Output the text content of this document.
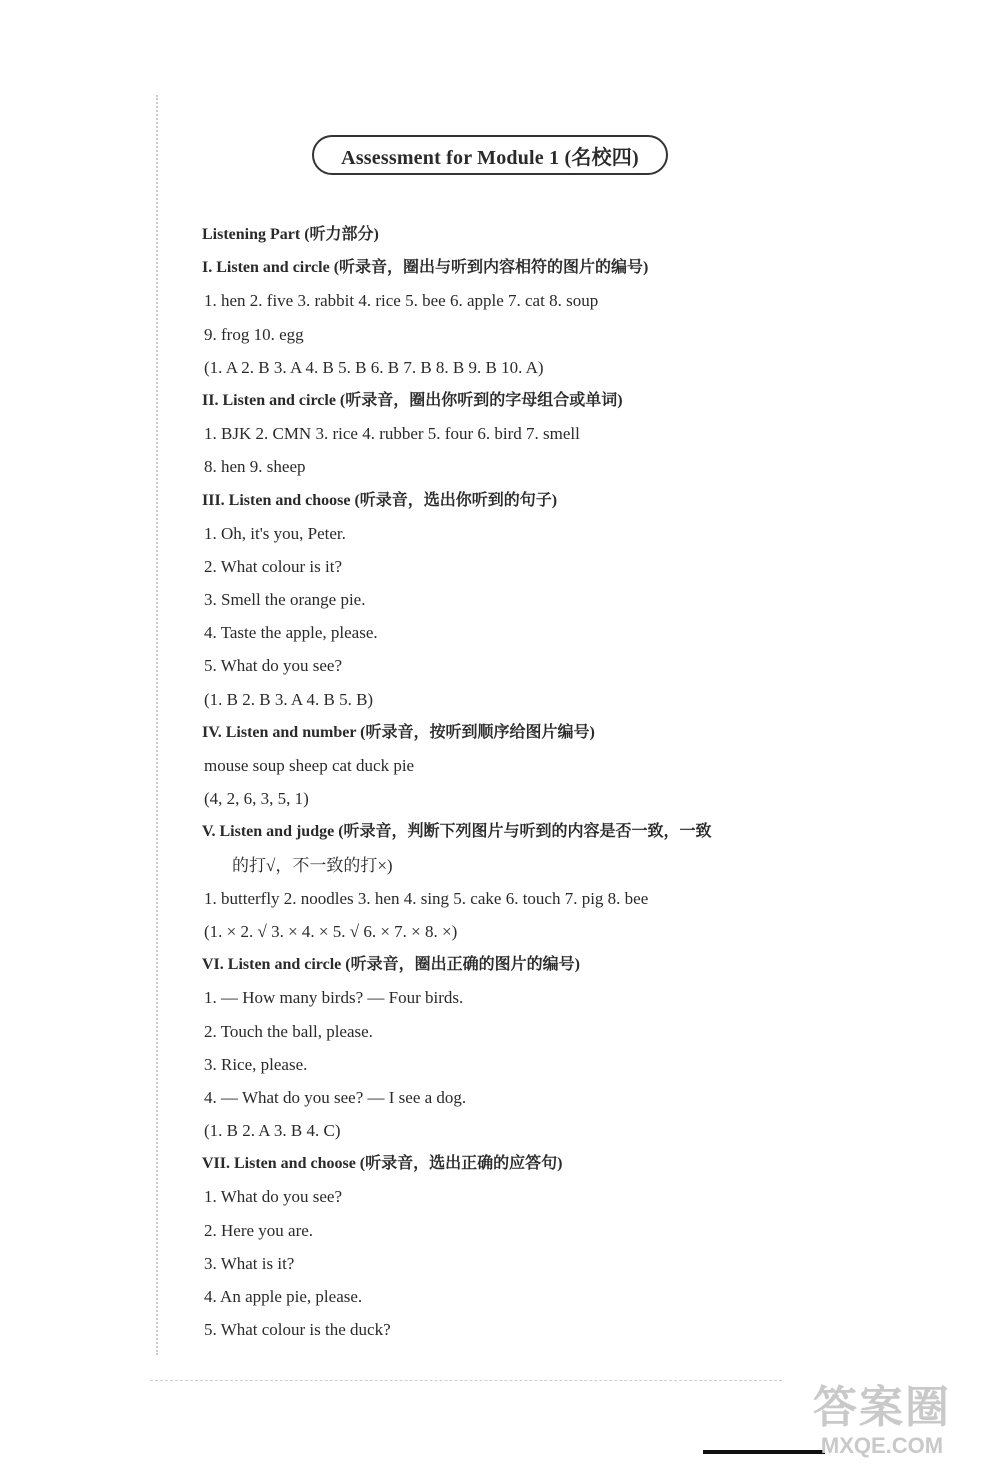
Assessment for Module 1 (名校四)
Listening Part (听力部分)
I. Listen and circle (听录音，圈出与听到内容相符的图片的编号)
1. hen 2. five 3. rabbit 4. rice 5. bee 6. apple 7. cat 8. soup
9. frog 10. egg
(1. A 2. B 3. A 4. B 5. B 6. B 7. B 8. B 9. B 10. A)
II. Listen and circle (听录音，圈出你听到的字母组合或单词)
1. BJK 2. CMN 3. rice 4. rubber 5. four 6. bird 7. smell
8. hen 9. sheep
III. Listen and choose (听录音，选出你听到的句子)
1. Oh, it's you, Peter.
2. What colour is it?
3. Smell the orange pie.
4. Taste the apple, please.
5. What do you see?
(1. B 2. B 3. A 4. B 5. B)
IV. Listen and number (听录音，按听到顺序给图片编号)
mouse soup sheep cat duck pie
(4, 2, 6, 3, 5, 1)
V. Listen and judge (听录音，判断下列图片与听到的内容是否一致，一致
的打√，不一致的打×)
1. butterfly 2. noodles 3. hen 4. sing 5. cake 6. touch 7. pig 8. bee
(1. × 2. √ 3. × 4. × 5. √ 6. × 7. × 8. ×)
VI. Listen and circle (听录音，圈出正确的图片的编号)
1. — How many birds? — Four birds.
2. Touch the ball, please.
3. Rice, please.
4. — What do you see? — I see a dog.
(1. B 2. A 3. B 4. C)
VII. Listen and choose (听录音，选出正确的应答句)
1. What do you see?
2. Here you are.
3. What is it?
4. An apple pie, please.
5. What colour is the duck?
答案圈
MXQE.COM
